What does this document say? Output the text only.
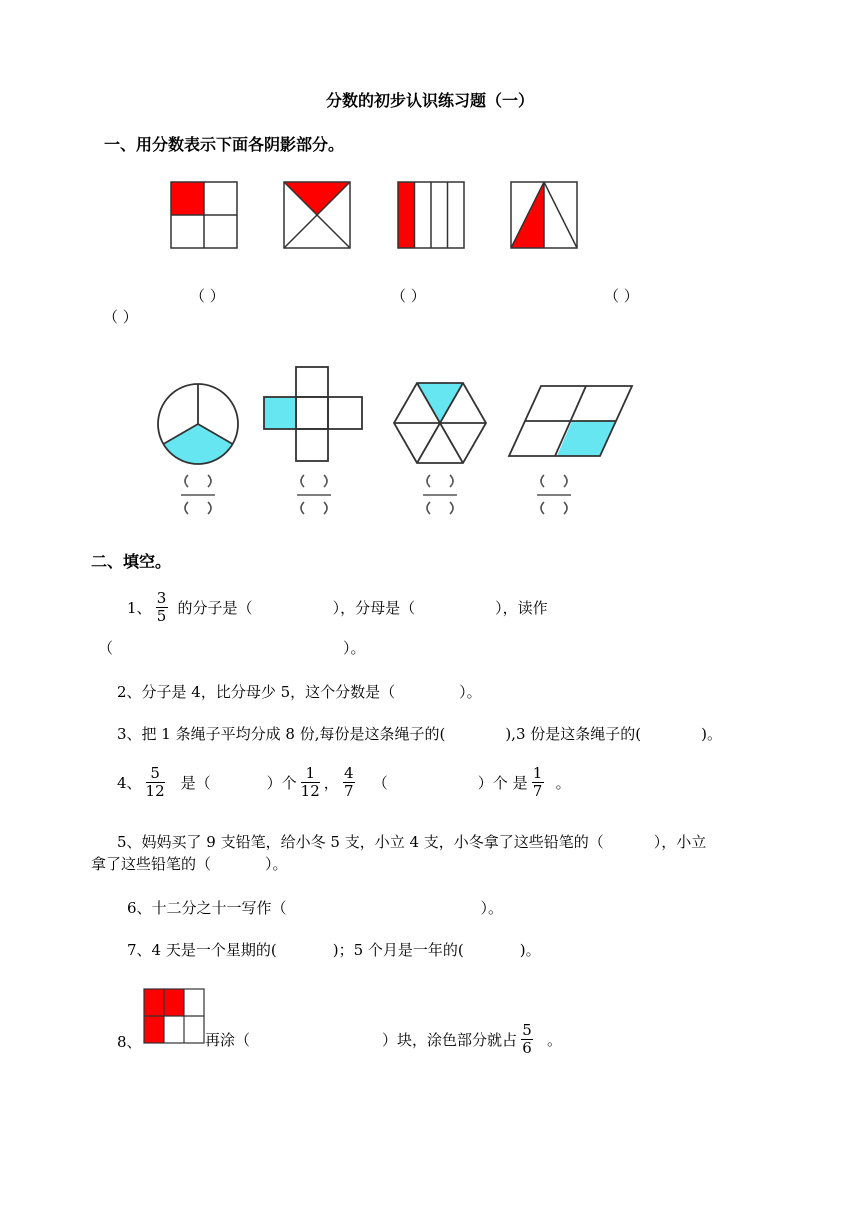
分数的初步认识练习题（一）
一、用分数表示下面各阴影部分。
（ ）	（ ）	（ ）
（ ）
二、填空。
1、
3
5 的分子是（	），分母是（	），读作
（	）。
2、分子是 4，比分母少 5，这个分数是（	）。
3、把 1 条绳子平均分成 8 份,每份是这条绳子的(	),3 份是这条绳子的(	)。
4、
5
12 是（	）个
1
12 ，
4
7 （	）个 是
1
7 。
5、妈妈买了 9 支铅笔，给小冬 5 支，小立 4 支，小冬拿了这些铅笔的（	），小立
拿了这些铅笔的（	）。
6、十二分之十一写作（	）。
7、4 天是一个星期的(	)；5 个月是一年的(	)。
8、	再涂（	）块，涂色部分就占
5
6 。
